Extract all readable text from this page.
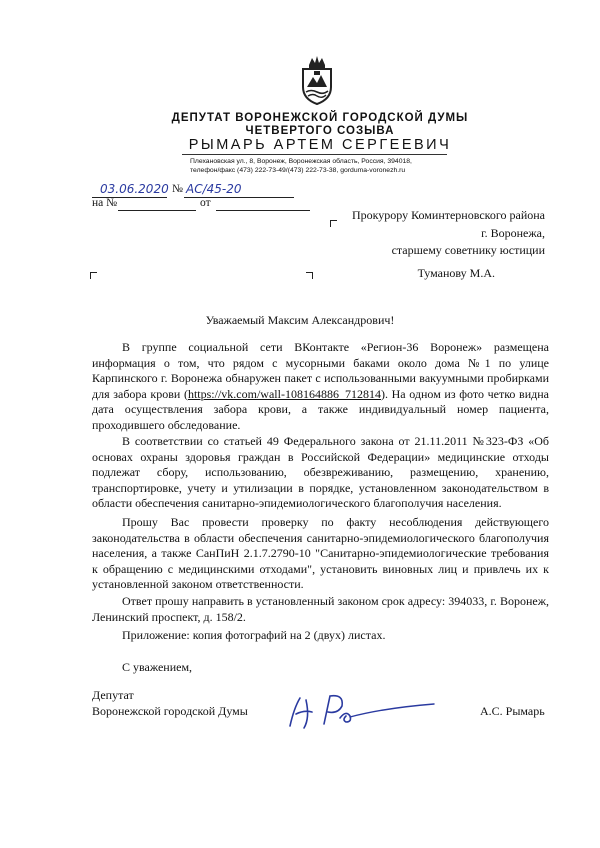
ДЕПУТАТ ВОРОНЕЖСКОЙ ГОРОДСКОЙ ДУМЫ
ЧЕТВЕРТОГО СОЗЫВА
РЫМАРЬ АРТЕМ СЕРГЕЕВИЧ
Плехановская ул., 8, Воронеж, Воронежская область, Россия, 394018,
телефон/факс (473) 222-73-49/(473) 222-73-38, gorduma-voronezh.ru
03.06.2020 № АС/45-20
на №	от
Прокурору Коминтерновского района
г. Воронежа,
старшему советнику юстиции
Туманову М.А.
Уважаемый Максим Александрович!

В группе социальной сети ВКонтакте «Регион-36 Воронеж» размещена информация о том, что рядом с мусорными баками около дома №1 по улице Карпинского г. Воронежа обнаружен пакет с использованными вакуумными пробирками для забора крови (https://vk.com/wall-108164886_712814). На одном из фото четко видна дата осуществления забора крови, а также индивидуальный номер пациента, проходившего обследование.

В соответствии со статьей 49 Федерального закона от 21.11.2011 №323-ФЗ «Об основах охраны здоровья граждан в Российской Федерации» медицинские отходы подлежат сбору, использованию, обезвреживанию, размещению, хранению, транспортировке, учету и утилизации в порядке, установленном законодательством в области обеспечения санитарно-эпидемиологического благополучия населения.

Прошу Вас провести проверку по факту несоблюдения действующего законодательства в области обеспечения санитарно-эпидемиологического благополучия населения, а также СанПиН 2.1.7.2790-10 "Санитарно-эпидемиологические требования к обращению с медицинскими отходами", установить виновных лиц и привлечь их к установленной законом ответственности.

Ответ прошу направить в установленный законом срок адресу: 394033, г. Воронеж, Ленинский проспект, д. 158/2.

Приложение: копия фотографий на 2 (двух) листах.

С уважением,
Депутат
Воронежской городской Думы	А.С. Рымарь
